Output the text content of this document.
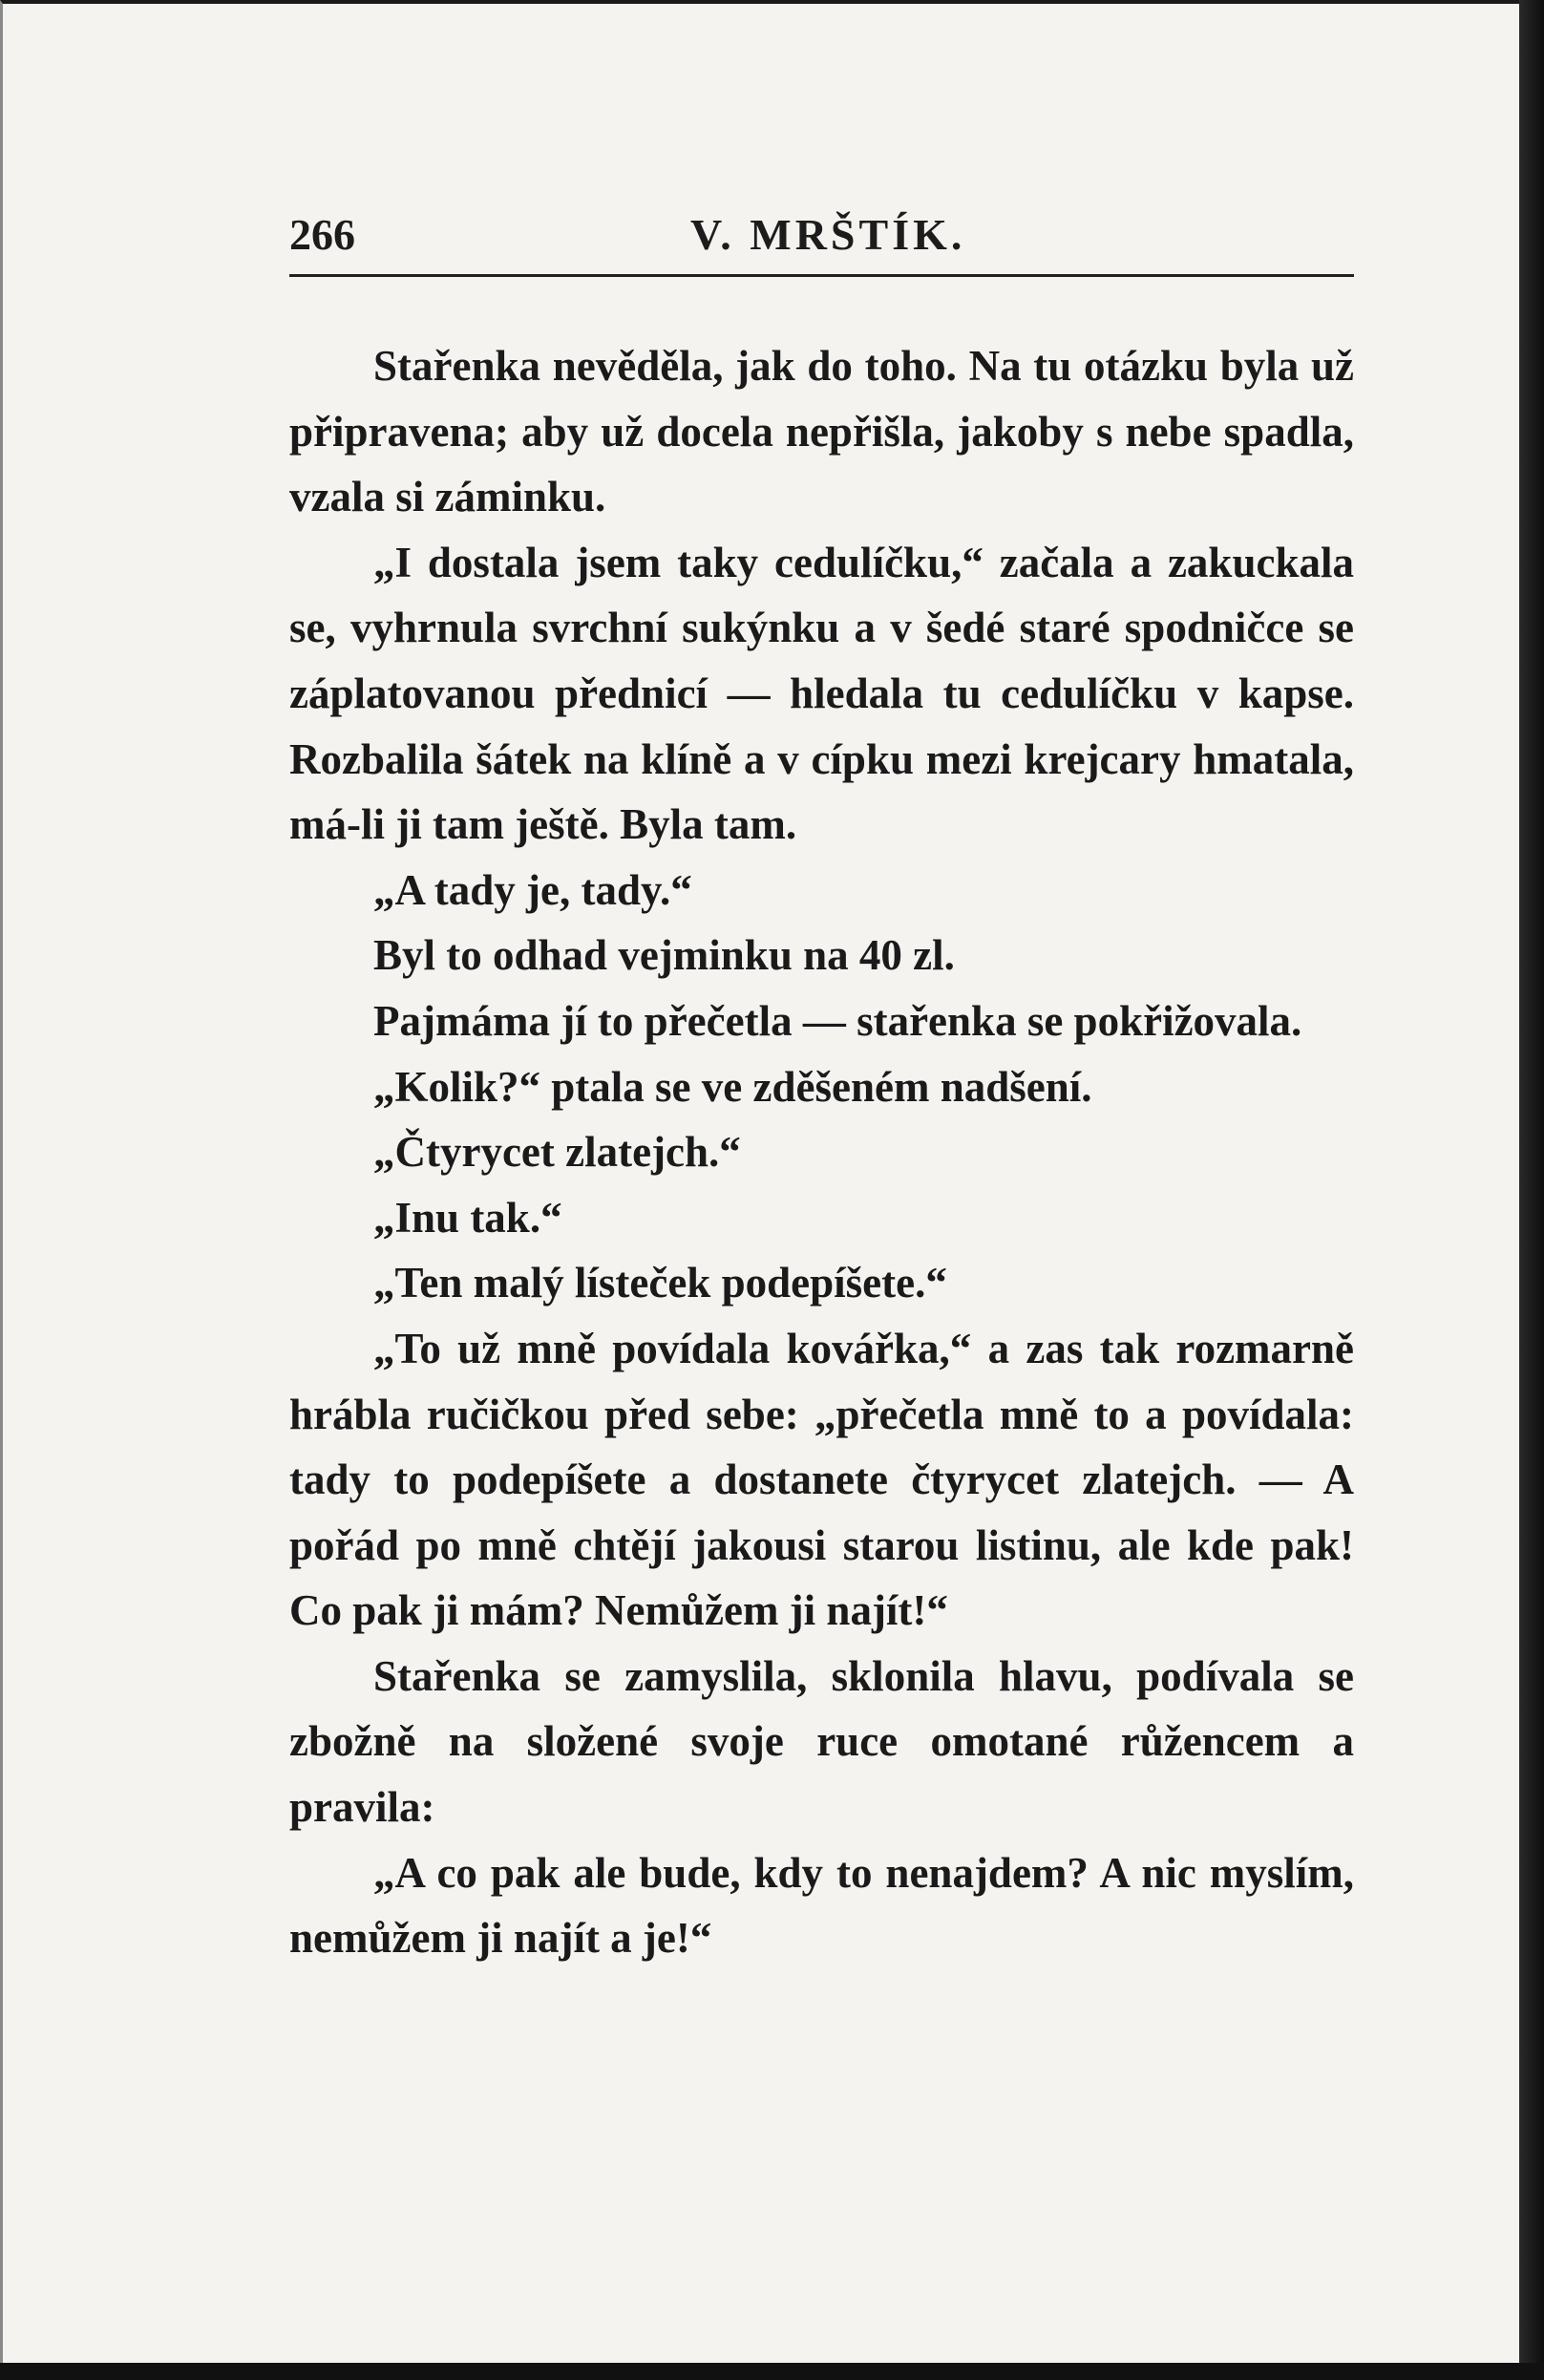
266	V. MRŠTÍK.

Stařenka nevěděla, jak do toho. Na tu otázku byla už připravena; aby už docela nepřišla, jakoby s nebe spadla, vzala si záminku.

„I dostala jsem taky cedulíčku,“ začala a zakuckala se, vyhrnula svrchní sukýnku a v šedé staré spodničce se záplatovanou přednicí — hledala tu cedulíčku v kapse. Rozbalila šátek na klíně a v cípku mezi krejcary hmatala, má-li ji tam ještě. Byla tam.

„A tady je, tady.“

Byl to odhad vejminku na 40 zl.

Pajmáma jí to přečetla — stařenka se pokřižovala.

„Kolik?“ ptala se ve zděšeném nadšení.

„Čtyrycet zlatejch.“

„Inu tak.“

„Ten malý lísteček podepíšete.“

„To už mně povídala kovářka,“ a zas tak rozmarně hrábla ručičkou před sebe: „přečetla mně to a povídala: tady to podepíšete a dostanete čtyrycet zlatejch. — A pořád po mně chtějí jakousi starou listinu, ale kde pak! Co pak ji mám? Nemůžem ji najít!“

Stařenka se zamyslila, sklonila hlavu, podívala se zbožně na složené svoje ruce omotané růžencem a pravila:

„A co pak ale bude, kdy to nenajdem? A nic myslím, nemůžem ji najít a je!“
